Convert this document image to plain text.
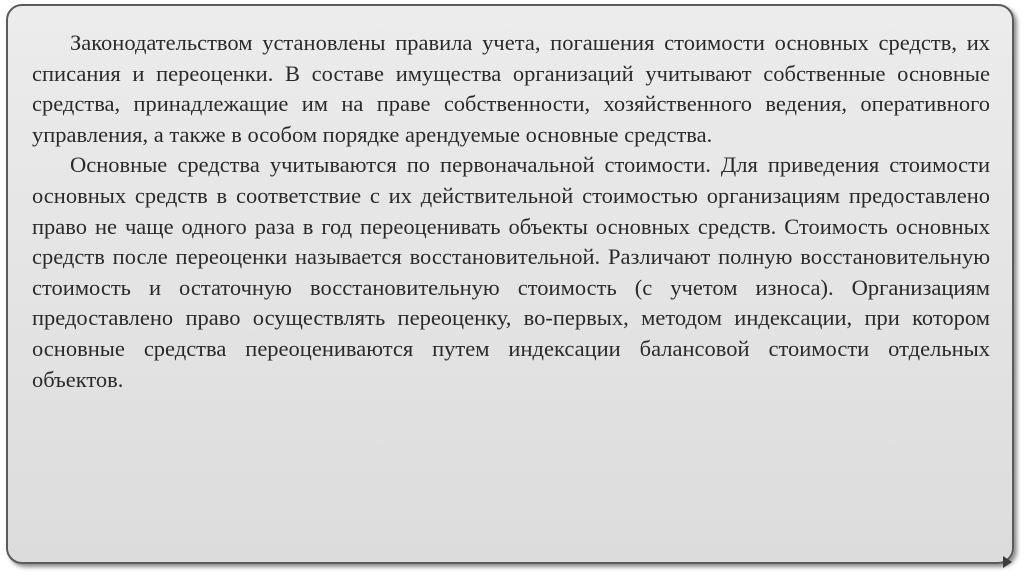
Законодательством установлены правила учета, погашения стоимости основных средств, их списания и переоценки. В составе имущества организаций учитывают собственные основные средства, принадлежащие им на праве собственности, хозяйственного ведения, оперативного управления, а также в особом порядке арендуемые основные средства.

Основные средства учитываются по первоначальной стоимости. Для приведения стоимости основных средств в соответствие с их действительной стоимостью организациям предоставлено право не чаще одного раза в год переоценивать объекты основных средств. Стоимость основных средств после переоценки называется восстановительной. Различают полную восстановительную стоимость и остаточную восстановительную стоимость (с учетом износа). Организациям предоставлено право осуществлять переоценку, во-первых, методом индексации, при котором основные средства переоцениваются путем индексации балансовой стоимости отдельных объектов.
